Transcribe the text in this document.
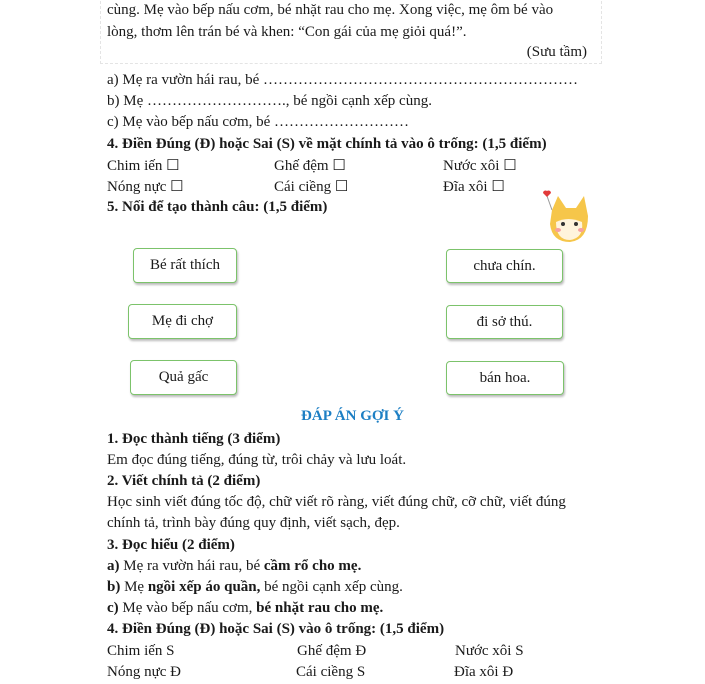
cùng. Mẹ vào bếp nấu cơm, bé nhặt rau cho mẹ. Xong việc, mẹ ôm bé vào
lòng, thơm lên trán bé và khen: “Con gái của mẹ giỏi quá!”.
(Sưu tầm)
a) Mẹ ra vườn hái rau, bé ………………………………………………………
b) Mẹ ………………………., bé ngồi cạnh xếp cùng.
c) Mẹ vào bếp nấu cơm, bé ………………………
4. Điền Đúng (Đ) hoặc Sai (S) về mặt chính tả vào ô trống: (1,5 điểm)
Chim iến ☐	Ghế đệm ☐	Nước xôi ☐
Nóng nực ☐	Cái ciềng ☐	Đĩa xôi ☐
5. Nối để tạo thành câu: (1,5 điểm)
Bé rất thích
Mẹ đi chợ
Quả gấc
chưa chín.
đi sở thú.
bán hoa.
ĐÁP ÁN GỢI Ý
1. Đọc thành tiếng (3 điểm)
Em đọc đúng tiếng, đúng từ, trôi chảy và lưu loát.
2. Viết chính tả (2 điểm)
Học sinh viết đúng tốc độ, chữ viết rõ ràng, viết đúng chữ, cỡ chữ, viết đúng
chính tả, trình bày đúng quy định, viết sạch, đẹp.
3. Đọc hiểu (2 điểm)
a) Mẹ ra vườn hái rau, bé cầm rổ cho mẹ.
b) Mẹ ngồi xếp áo quần, bé ngồi cạnh xếp cùng.
c) Mẹ vào bếp nấu cơm, bé nhặt rau cho mẹ.
4. Điền Đúng (Đ) hoặc Sai (S) vào ô trống: (1,5 điểm)
Chim iến S	Ghế đệm Đ	Nước xôi S
Nóng nực Đ	Cái ciềng S	Đĩa xôi Đ
